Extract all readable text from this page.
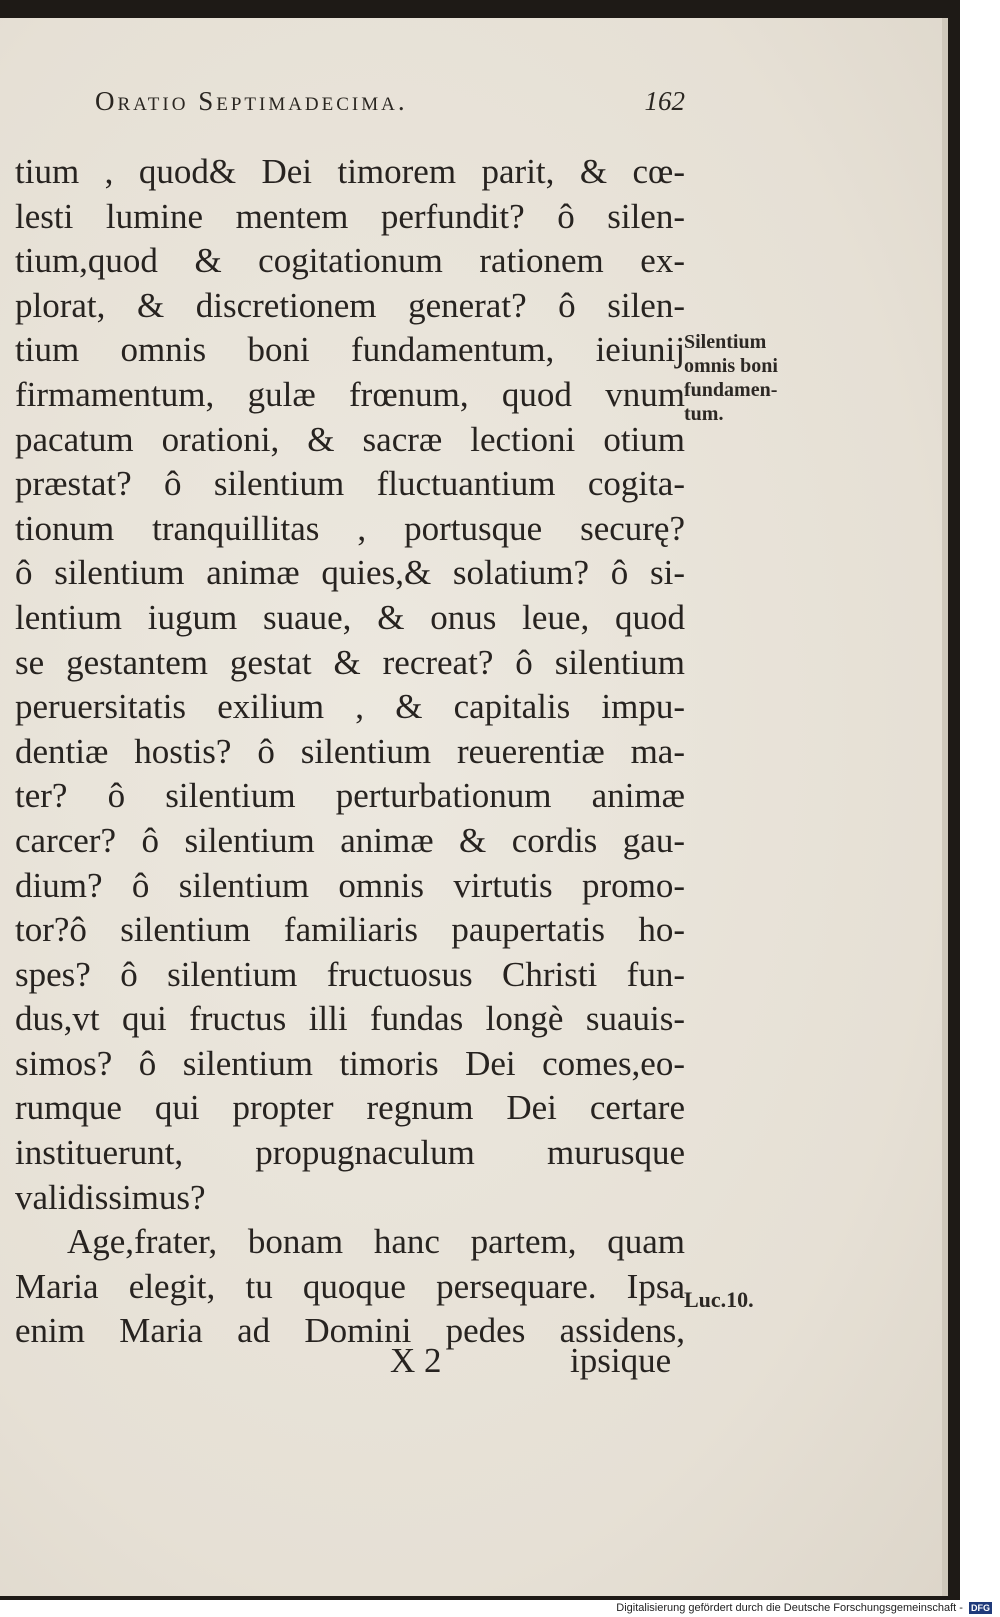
Oratio Septimadecima.	162
tium , quod& Dei timorem parit, & cœ-
lesti lumine mentem perfundit? ô silen-
tium,quod & cogitationum rationem ex-
plorat, & discretionem generat? ô silen-
tium omnis boni fundamentum, ieiunij
firmamentum, gulæ frœnum, quod vnum
pacatum orationi, & sacræ lectioni otium
præstat? ô silentium fluctuantium cogita-
tionum tranquillitas , portusque securę?
ô silentium animæ quies,& solatium? ô si-
lentium iugum suaue, & onus leue, quod
se gestantem gestat & recreat? ô silentium
peruersitatis exilium , & capitalis impu-
dentiæ hostis? ô silentium reuerentiæ ma-
ter? ô silentium perturbationum animæ
carcer? ô silentium animæ & cordis gau-
dium? ô silentium omnis virtutis promo-
tor?ô silentium familiaris paupertatis ho-
spes? ô silentium fructuosus Christi fun-
dus,vt qui fructus illi fundas longè suauis-
simos? ô silentium timoris Dei comes,eo-
rumque qui propter regnum Dei certare
instituerunt, propugnaculum murusque
validissimus?
Age,frater, bonam hanc partem, quam
Maria elegit, tu quoque persequare. Ipsa
enim Maria ad Domini pedes assidens,
Silentium
omnis boni
fundamen-
tum.
Luc.10.
X 2	ipsique
Digitalisierung gefördert durch die Deutsche Forschungsgemeinschaft - DFG
